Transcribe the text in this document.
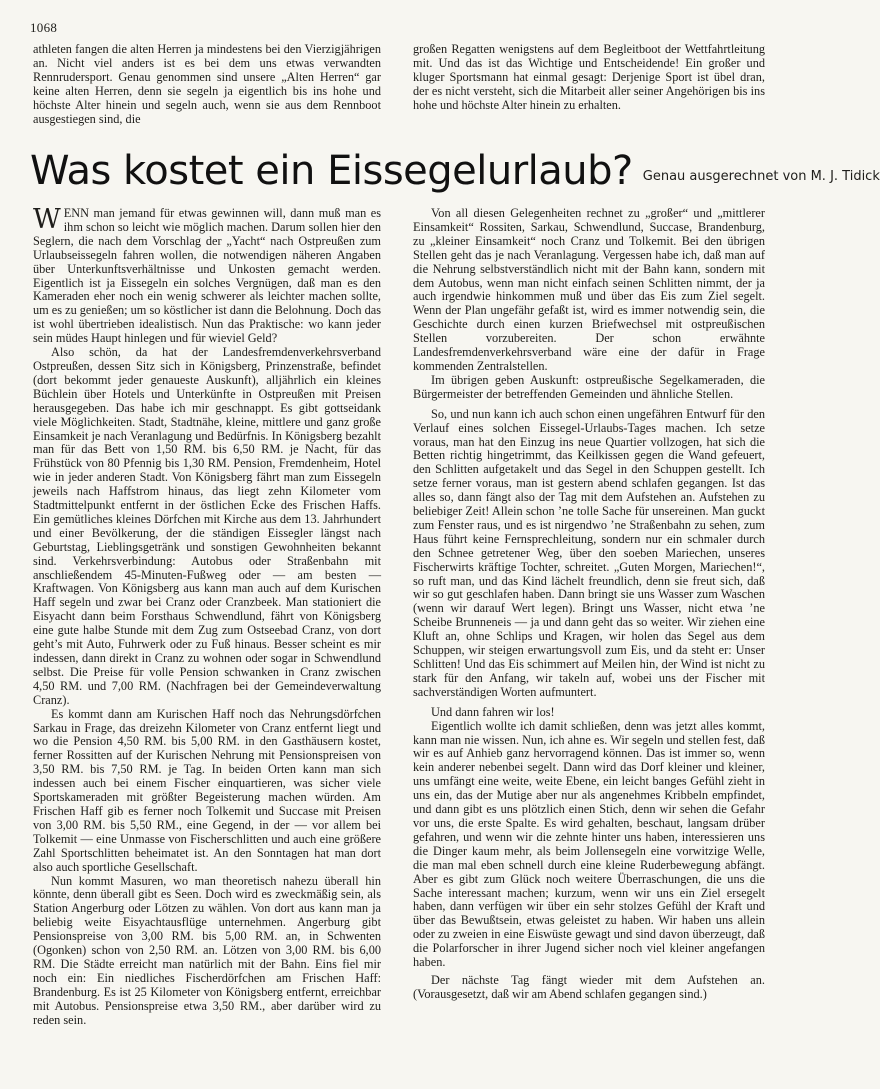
1068

athleten fangen die alten Herren ja mindestens bei den Vierzigjährigen an. Nicht viel anders ist es bei dem uns etwas verwandten Rennrudersport. Genau genommen sind unsere „Alten Herren“ gar keine alten Herren, denn sie segeln ja eigentlich bis ins hohe und höchste Alter hinein und segeln auch, wenn sie aus dem Rennboot ausgestiegen sind, die

großen Regatten wenigstens auf dem Begleitboot der Wettfahrtleitung mit. Und das ist das Wichtige und Entscheidende! Ein großer und kluger Sportsmann hat einmal gesagt: Derjenige Sport ist übel dran, der es nicht versteht, sich die Mitarbeit aller seiner Angehörigen bis ins hohe und höchste Alter hinein zu erhalten.

Was kostet ein Eissegelurlaub? $^{Genau ausgerechnet von M. J. Tidick}$

WENN man jemand für etwas gewinnen will, dann muß man es ihm schon so leicht wie möglich machen. Darum sollen hier den Seglern, die nach dem Vorschlag der „Yacht“ nach Ostpreußen zum Urlaubseissegeln fahren wollen, die notwendigen näheren Angaben über Unterkunftsverhältnisse und Unkosten gemacht werden. Eigentlich ist ja Eissegeln ein solches Vergnügen, daß man es den Kameraden eher noch ein wenig schwerer als leichter machen sollte, um es zu genießen; um so köstlicher ist dann die Belohnung. Doch das ist wohl übertrieben idealistisch. Nun das Praktische: wo kann jeder sein müdes Haupt hinlegen und für wieviel Geld?

Also schön, da hat der Landesfremdenverkehrsverband Ostpreußen, dessen Sitz sich in Königsberg, Prinzenstraße, befindet (dort bekommt jeder genaueste Auskunft), alljährlich ein kleines Büchlein über Hotels und Unterkünfte in Ostpreußen mit Preisen herausgegeben. Das habe ich mir geschnappt. Es gibt gottseidank viele Möglichkeiten. Stadt, Stadtnähe, kleine, mittlere und ganz große Einsamkeit je nach Veranlagung und Bedürfnis. In Königsberg bezahlt man für das Bett von 1,50 RM. bis 6,50 RM. je Nacht, für das Frühstück von 80 Pfennig bis 1,30 RM. Pension, Fremdenheim, Hotel wie in jeder anderen Stadt. Von Königsberg fährt man zum Eissegeln jeweils nach Haffstrom hinaus, das liegt zehn Kilometer vom Stadtmittelpunkt entfernt in der östlichen Ecke des Frischen Haffs. Ein gemütliches kleines Dörfchen mit Kirche aus dem 13. Jahrhundert und einer Bevölkerung, der die ständigen Eissegler längst nach Geburtstag, Lieblingsgetränk und sonstigen Gewohnheiten bekannt sind. Verkehrsverbindung: Autobus oder Straßenbahn mit anschließendem 45-Minuten-Fußweg oder — am besten — Kraftwagen. Von Königsberg aus kann man auch auf dem Kurischen Haff segeln und zwar bei Cranz oder Cranzbeek. Man stationiert die Eisyacht dann beim Forsthaus Schwendlund, fährt von Königsberg eine gute halbe Stunde mit dem Zug zum Ostseebad Cranz, von dort geht’s mit Auto, Fuhrwerk oder zu Fuß hinaus. Besser scheint es mir indessen, dann direkt in Cranz zu wohnen oder sogar in Schwendlund selbst. Die Preise für volle Pension schwanken in Cranz zwischen 4,50 RM. und 7,00 RM. (Nachfragen bei der Gemeindeverwaltung Cranz).

Es kommt dann am Kurischen Haff noch das Nehrungsdörfchen Sarkau in Frage, das dreizehn Kilometer von Cranz entfernt liegt und wo die Pension 4,50 RM. bis 5,00 RM. in den Gasthäusern kostet, ferner Rossitten auf der Kurischen Nehrung mit Pensionspreisen von 3,50 RM. bis 7,50 RM. je Tag. In beiden Orten kann man sich indessen auch bei einem Fischer einquartieren, was sicher viele Sportskameraden mit größter Begeisterung machen würden. Am Frischen Haff gib es ferner noch Tolkemit und Succase mit Preisen von 3,00 RM. bis 5,50 RM., eine Gegend, in der — vor allem bei Tolkemit — eine Unmasse von Fischerschlitten und auch eine größere Zahl Sportschlitten beheimatet ist. An den Sonntagen hat man dort also auch sportliche Gesellschaft.

Nun kommt Masuren, wo man theoretisch nahezu überall hin könnte, denn überall gibt es Seen. Doch wird es zweckmäßig sein, als Station Angerburg oder Lötzen zu wählen. Von dort aus kann man ja beliebig weite Eisyachtausflüge unternehmen. Angerburg gibt Pensionspreise von 3,00 RM. bis 5,00 RM. an, in Schwenten (Ogonken) schon von 2,50 RM. an. Lötzen von 3,00 RM. bis 6,00 RM. Die Städte erreicht man natürlich mit der Bahn. Eins fiel mir noch ein: Ein niedliches Fischerdörfchen am Frischen Haff: Brandenburg. Es ist 25 Kilometer von Königsberg entfernt, erreichbar mit Autobus. Pensionspreise etwa 3,50 RM., aber darüber wird zu reden sein.

Von all diesen Gelegenheiten rechnet zu „großer“ und „mittlerer Einsamkeit“ Rossiten, Sarkau, Schwendlund, Succase, Brandenburg, zu „kleiner Einsamkeit“ noch Cranz und Tolkemit. Bei den übrigen Stellen geht das je nach Veranlagung. Vergessen habe ich, daß man auf die Nehrung selbstverständlich nicht mit der Bahn kann, sondern mit dem Autobus, wenn man nicht einfach seinen Schlitten nimmt, der ja auch irgendwie hinkommen muß und über das Eis zum Ziel segelt. Wenn der Plan ungefähr gefaßt ist, wird es immer notwendig sein, die Geschichte durch einen kurzen Briefwechsel mit ostpreußischen Stellen vorzubereiten. Der schon erwähnte Landesfremdenverkehrsverband wäre eine der dafür in Frage kommenden Zentralstellen.

Im übrigen geben Auskunft: ostpreußische Segelkameraden, die Bürgermeister der betreffenden Gemeinden und ähnliche Stellen.

So, und nun kann ich auch schon einen ungefähren Entwurf für den Verlauf eines solchen Eissegel-Urlaubs-Tages machen. Ich setze voraus, man hat den Einzug ins neue Quartier vollzogen, hat sich die Betten richtig hingetrimmt, das Keilkissen gegen die Wand gefeuert, den Schlitten aufgetakelt und das Segel in den Schuppen gestellt. Ich setze ferner voraus, man ist gestern abend schlafen gegangen. Ist das alles so, dann fängt also der Tag mit dem Aufstehen an. Aufstehen zu beliebiger Zeit! Allein schon ’ne tolle Sache für unsereinen. Man guckt zum Fenster raus, und es ist nirgendwo ’ne Straßenbahn zu sehen, zum Haus führt keine Fernsprechleitung, sondern nur ein schmaler durch den Schnee getretener Weg, über den soeben Mariechen, unseres Fischerwirts kräftige Tochter, schreitet. „Guten Morgen, Mariechen!“, so ruft man, und das Kind lächelt freundlich, denn sie freut sich, daß wir so gut geschlafen haben. Dann bringt sie uns Wasser zum Waschen (wenn wir darauf Wert legen). Bringt uns Wasser, nicht etwa ’ne Scheibe Brunneneis — ja und dann geht das so weiter. Wir ziehen eine Kluft an, ohne Schlips und Kragen, wir holen das Segel aus dem Schuppen, wir steigen erwartungsvoll zum Eis, und da steht er: Unser Schlitten! Und das Eis schimmert auf Meilen hin, der Wind ist nicht zu stark für den Anfang, wir takeln auf, wobei uns der Fischer mit sachverständigen Worten aufmuntert.

Und dann fahren wir los!

Eigentlich wollte ich damit schließen, denn was jetzt alles kommt, kann man nie wissen. Nun, ich ahne es. Wir segeln und stellen fest, daß wir es auf Anhieb ganz hervorragend können. Das ist immer so, wenn kein anderer nebenbei segelt. Dann wird das Dorf kleiner und kleiner, uns umfängt eine weite, weite Ebene, ein leicht banges Gefühl zieht in uns ein, das der Mutige aber nur als angenehmes Kribbeln empfindet, und dann gibt es uns plötzlich einen Stich, denn wir sehen die Gefahr vor uns, die erste Spalte. Es wird gehalten, beschaut, langsam drüber gefahren, und wenn wir die zehnte hinter uns haben, interessieren uns die Dinger kaum mehr, als beim Jollensegeln eine vorwitzige Welle, die man mal eben schnell durch eine kleine Ruderbewegung abfängt. Aber es gibt zum Glück noch weitere Überraschungen, die uns die Sache interessant machen; kurzum, wenn wir uns ein Ziel ersegelt haben, dann verfügen wir über ein sehr stolzes Gefühl der Kraft und über das Bewußtsein, etwas geleistet zu haben. Wir haben uns allein oder zu zweien in eine Eiswüste gewagt und sind davon überzeugt, daß die Polarforscher in ihrer Jugend sicher noch viel kleiner angefangen haben.

Der nächste Tag fängt wieder mit dem Aufstehen an. (Vorausgesetzt, daß wir am Abend schlafen gegangen sind.)
